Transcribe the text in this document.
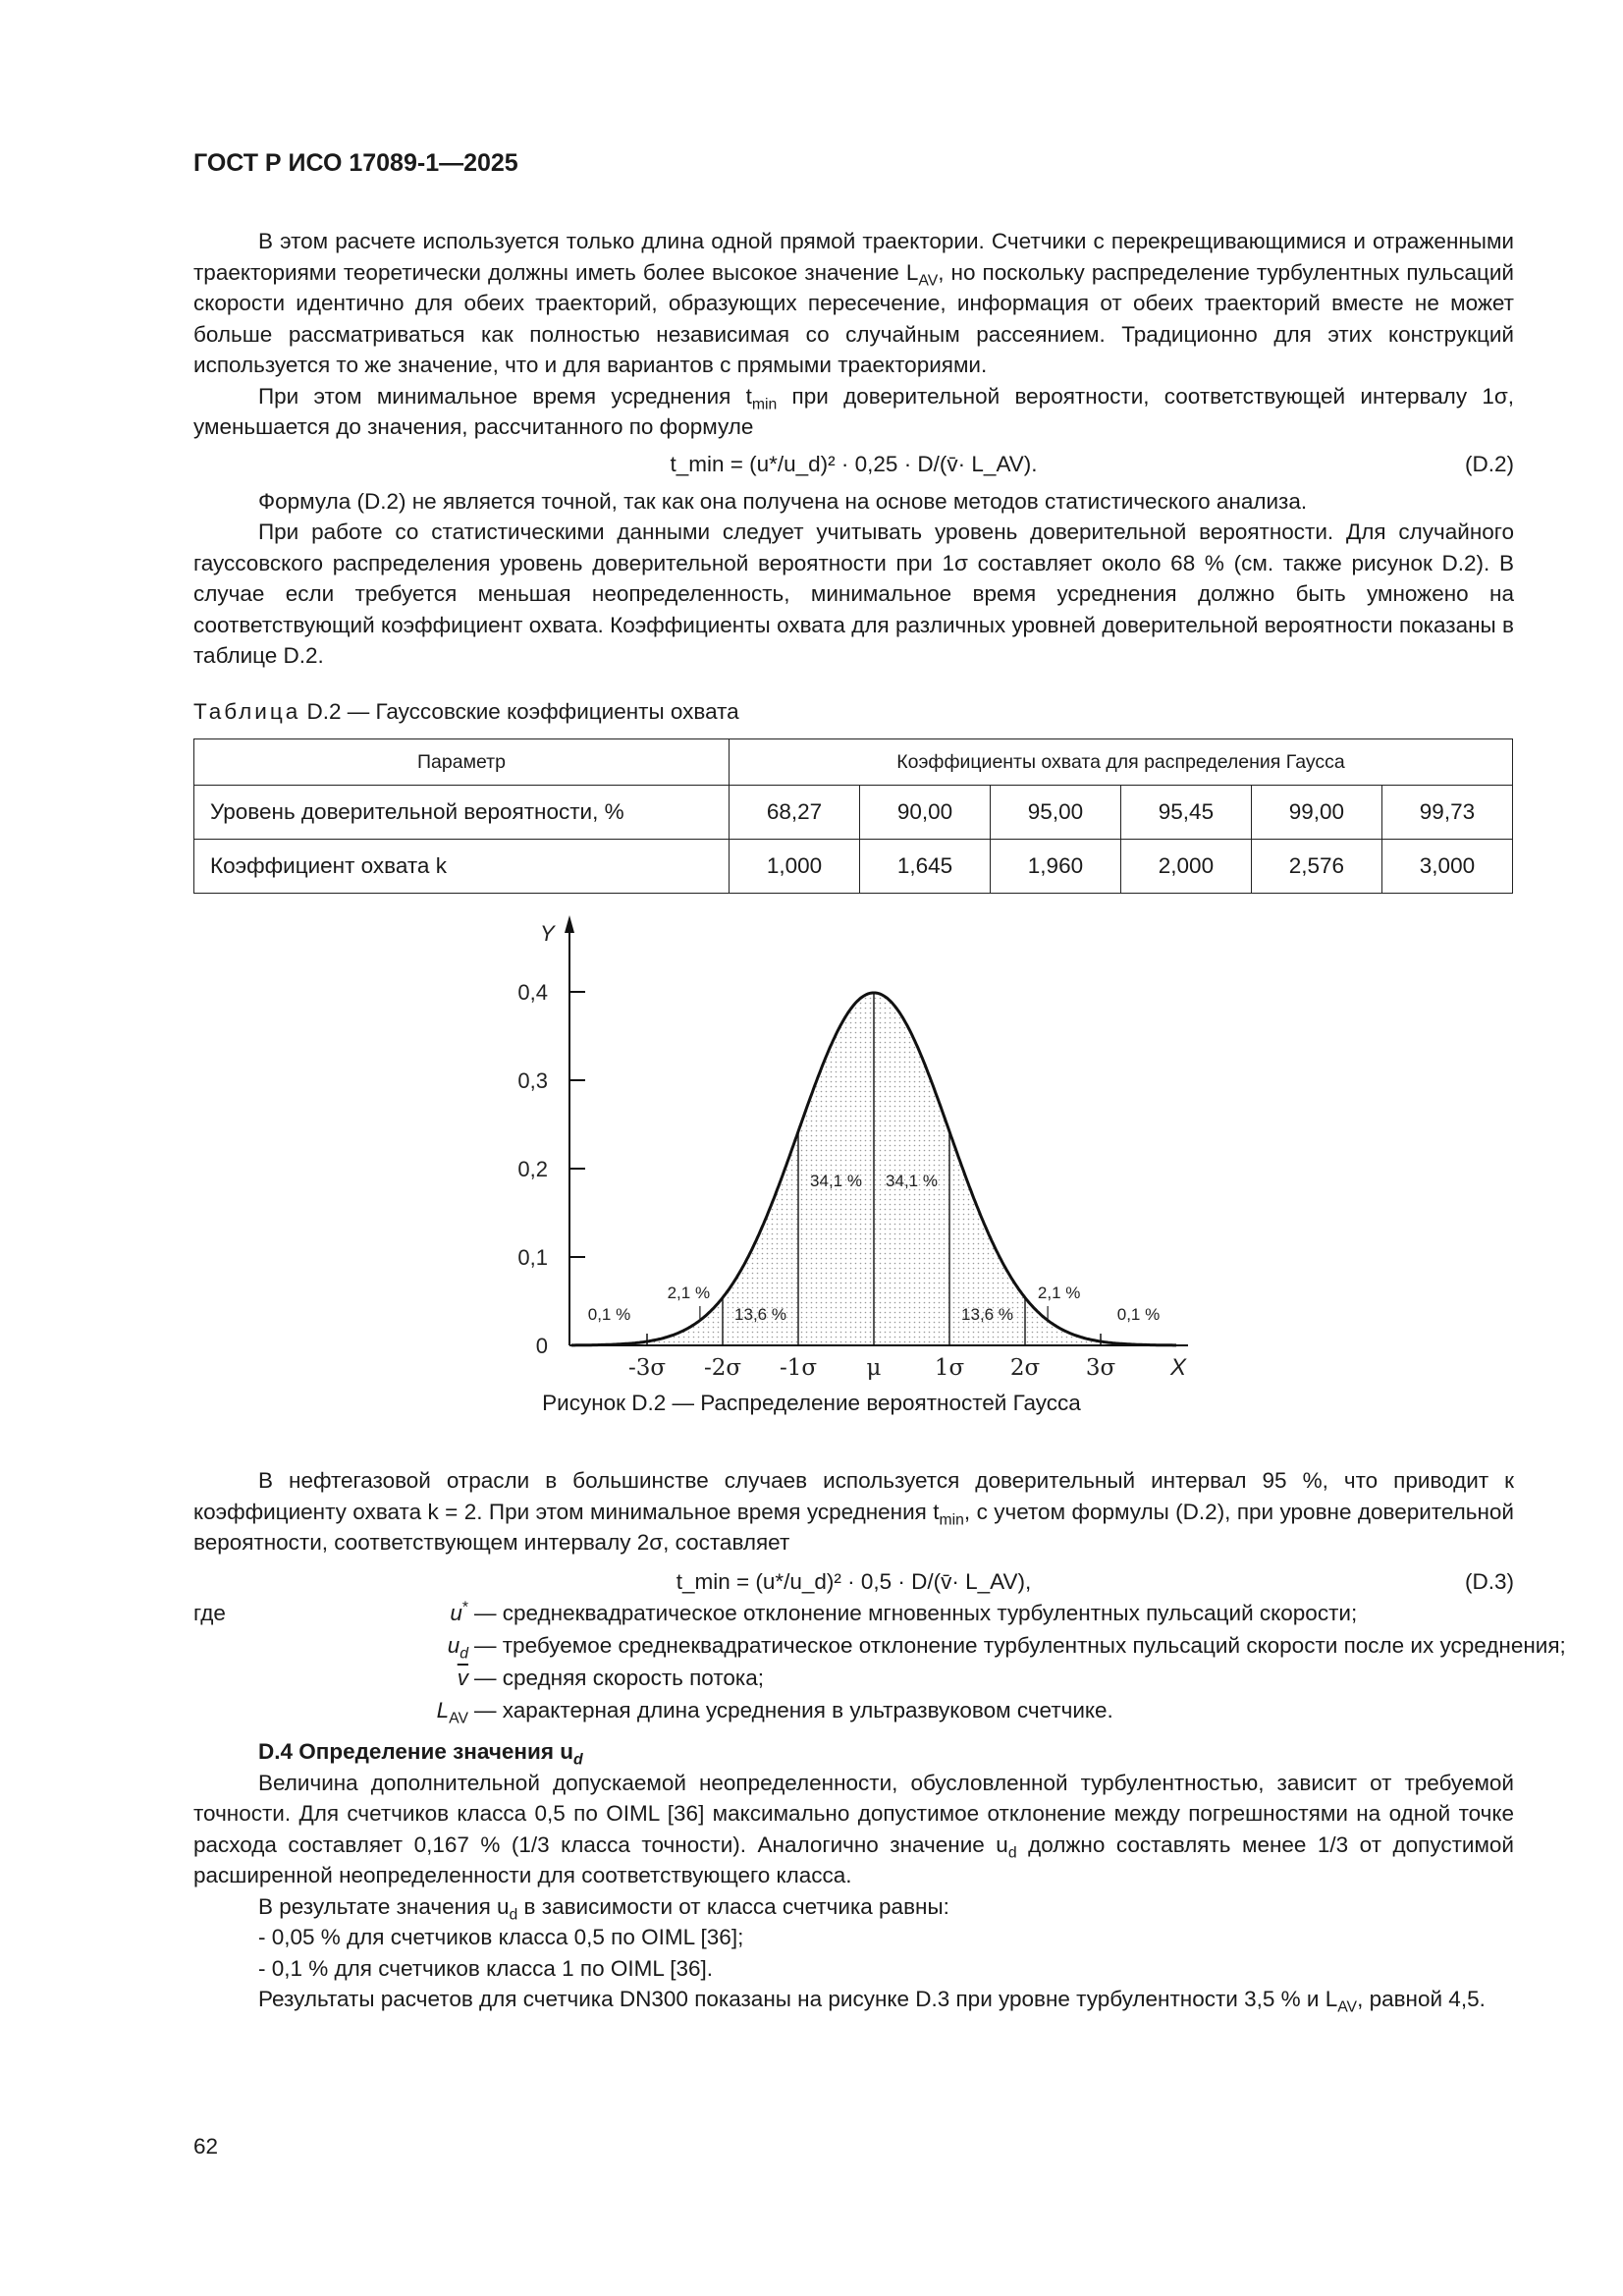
ГОСТ Р ИСО 17089-1—2025

В этом расчете используется только длина одной прямой траектории. Счетчики с перекрещивающимися и отраженными траекториями теоретически должны иметь более высокое значение $L_{AV}$, но поскольку распределение турбулентных пульсаций скорости идентично для обеих траекторий, образующих пересечение, информация от обеих траекторий вместе не может больше рассматриваться как полностью независимая со случайным рассеянием. Традиционно для этих конструкций используется то же значение, что и для вариантов с прямыми траекториями.

При этом минимальное время усреднения $t_{min}$ при доверительной вероятности, соответствующей интервалу 1σ, уменьшается до значения, рассчитанного по формуле

t_min = (u*/u_d)² · 0,25 · D/(v̄· L_AV).	(D.2)

Формула (D.2) не является точной, так как она получена на основе методов статистического анализа.

При работе со статистическими данными следует учитывать уровень доверительной вероятности. Для случайного гауссовского распределения уровень доверительной вероятности при 1σ составляет около 68 % (см. также рисунок D.2). В случае если требуется меньшая неопределенность, минимальное время усреднения должно быть умножено на соответствующий коэффициент охвата. Коэффициенты охвата для различных уровней доверительной вероятности показаны в таблице D.2.

Таблица D.2 — Гауссовские коэффициенты охвата
Параметр	Коэффициенты охвата для распределения Гаусса					
Уровень доверительной вероятности, %	68,27	90,00	95,00	95,45	99,00	99,73
Коэффициент охвата k	1,000	1,645	1,960	2,000	2,576	3,000
0
0,1
0,2
0,3
0,4
Y
X
-3σ -2σ -1σ μ 1σ 2σ 3σ
0,1 %
2,1 %
13,6 %
34,1 % 34,1 %
13,6 %
2,1 %
0,1 %
Рисунок D.2 — Распределение вероятностей Гаусса

В нефтегазовой отрасли в большинстве случаев используется доверительный интервал 95 %, что приводит к коэффициенту охвата k = 2. При этом минимальное время усреднения $t_{min}$, с учетом формулы (D.2), при уровне доверительной вероятности, соответствующем интервалу 2σ, составляет

t_min = (u*/u_d)² · 0,5 · D/(v̄· L_AV),	(D.3)
где	u* — среднеквадратическое отклонение мгновенных турбулентных пульсаций скорости;
$u_d$ — требуемое среднеквадратическое отклонение турбулентных пульсаций скорости после их усреднения;
$\overline{v}$ — средняя скорость потока;
$L_{AV}$ — характерная длина усреднения в ультразвуковом счетчике.

D.4 Определение значения $u_d$

Величина дополнительной допускаемой неопределенности, обусловленной турбулентностью, зависит от требуемой точности. Для счетчиков класса 0,5 по OIML [36] максимально допустимое отклонение между погрешностями на одной точке расхода составляет 0,167 % (1/3 класса точности). Аналогично значение $u_d$ должно составлять менее 1/3 от допустимой расширенной неопределенности для соответствующего класса.

В результате значения $u_d$ в зависимости от класса счетчика равны:

- 0,05 % для счетчиков класса 0,5 по OIML [36];

- 0,1 % для счетчиков класса 1 по OIML [36].

Результаты расчетов для счетчика DN300 показаны на рисунке D.3 при уровне турбулентности 3,5 % и $L_{AV}$, равной 4,5.

62
